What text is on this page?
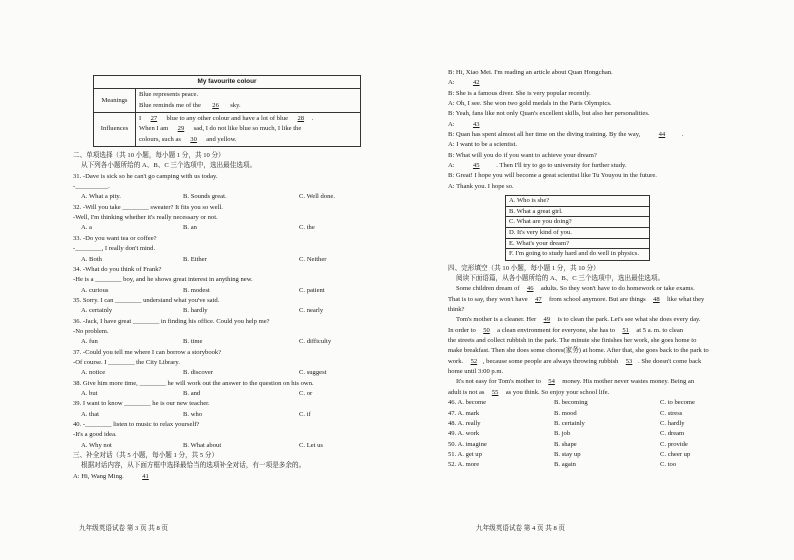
My favourite colour	
Meanings	Blue represents peace.
Blue reminds me of the 26 sky.

Influences	I 27 blue to any other colour and have a lot of blue 28 .
When I am 29 sad, I do not like blue so much, I like the
colours, such as 30 and yellow.
二、单项选择（共 10 小题，每小题 1 分，共 10 分）
从下列各小题所给的 A、B、C 三个选项中，选出最佳选项。
31. -Dave is sick so he can't go camping with us today.
-__________.
A. What a pity.	B. Sounds great.	C. Well done.
32. -Will you take ________ sweater? It fits you so well.
-Well, I'm thinking whether it's really necessary or not.
A. a	B. an	C. the
33. -Do you want tea or coffee?
-________, I really don't mind.
A. Both	B. Either	C. Neither
34. -What do you think of Frank?
-He is a ________ boy, and he shows great interest in anything new.
A. curious	B. modest	C. patient
35. Sorry. I can ________ understand what you've said.
A. certainly	B. hardly	C. nearly
36. -Jack, I have great ________ in finding his office. Could you help me?
-No problem.
A. fun	B. time	C. difficulty
37. -Could you tell me where I can borrow a storybook?
-Of course. I ________ the City Library.
A. notice	B. discover	C. suggest
38. Give him more time, ________ he will work out the answer to the question on his own.
A. but	B. and	C. or
39. I want to know ________ he is our new teacher.
A. that	B. who	C. if
40. -________ listen to music to relax yourself?
-It's a good idea.
A. Why not	B. What about	C. Let us
三、补全对话（共 5 小题，每小题 1 分，共 5 分）
根据对话内容，从下面方框中选择最恰当的选项补全对话，有一项是多余的。
A: Hi, Wang Ming.	41
九年级英语试卷 第 3 页 共 8 页
B: Hi, Xiao Mei. I'm reading an article about Quan Hongchan.
A:	42
B: She is a famous diver. She is very popular recently.
A: Oh, I see. She won two gold medals in the Paris Olympics.
B: Yeah, fans like not only Quan's excellent skills, but also her personalities.
A:	43
B: Quan has spent almost all her time on the diving training. By the way,	44	.
A: I want to be a scientist.
B: What will you do if you want to achieve your dream?
A:	45	. Then I'll try to go to university for further study.
B: Great! I hope you will become a great scientist like Tu Youyou in the future.
A: Thank you. I hope so.
A. Who is she?
B. What a great girl.
C. What are you doing?
D. It's very kind of you.
E. What's your dream?
F. I'm going to study hard and do well in physics.
四、完形填空（共 10 小题，每小题 1 分，共 10 分）
阅读下面语篇，从各小题所给的 A、B、C 三个选项中，选出最佳选项。
Some children dream of 46 adults. So they won't have to do homework or take exams.
That is to say, they won't have 47 from school anymore. But are things 48 like what they
think?
Tom's mother is a cleaner. Her 49 is to clean the park. Let's see what she does every day.
In order to 50 a clean environment for everyone, she has to 51 at 5 a. m. to clean
the streets and collect rubbish in the park. The minute she finishes her work, she goes home to
make breakfast. Then she does some chores(家务) at home. After that, she goes back to the park to
work. 52 , because some people are always throwing rubbish 53 . She doesn't come back
home until 3:00 p.m.
It's not easy for Tom's mother to 54 money. His mother never wastes money. Being an
adult is not as 55 as you think. So enjoy your school life.
46. A. become	B. becoming	C. to become
47. A. mark	B. mood	C. stress
48. A. really	B. certainly	C. hardly
49. A. work	B. job	C. dream
50. A. imagine	B. shape	C. provide
51. A. get up	B. stay up	C. cheer up
52. A. more	B. again	C. too
九年级英语试卷 第 4 页 共 8 页
